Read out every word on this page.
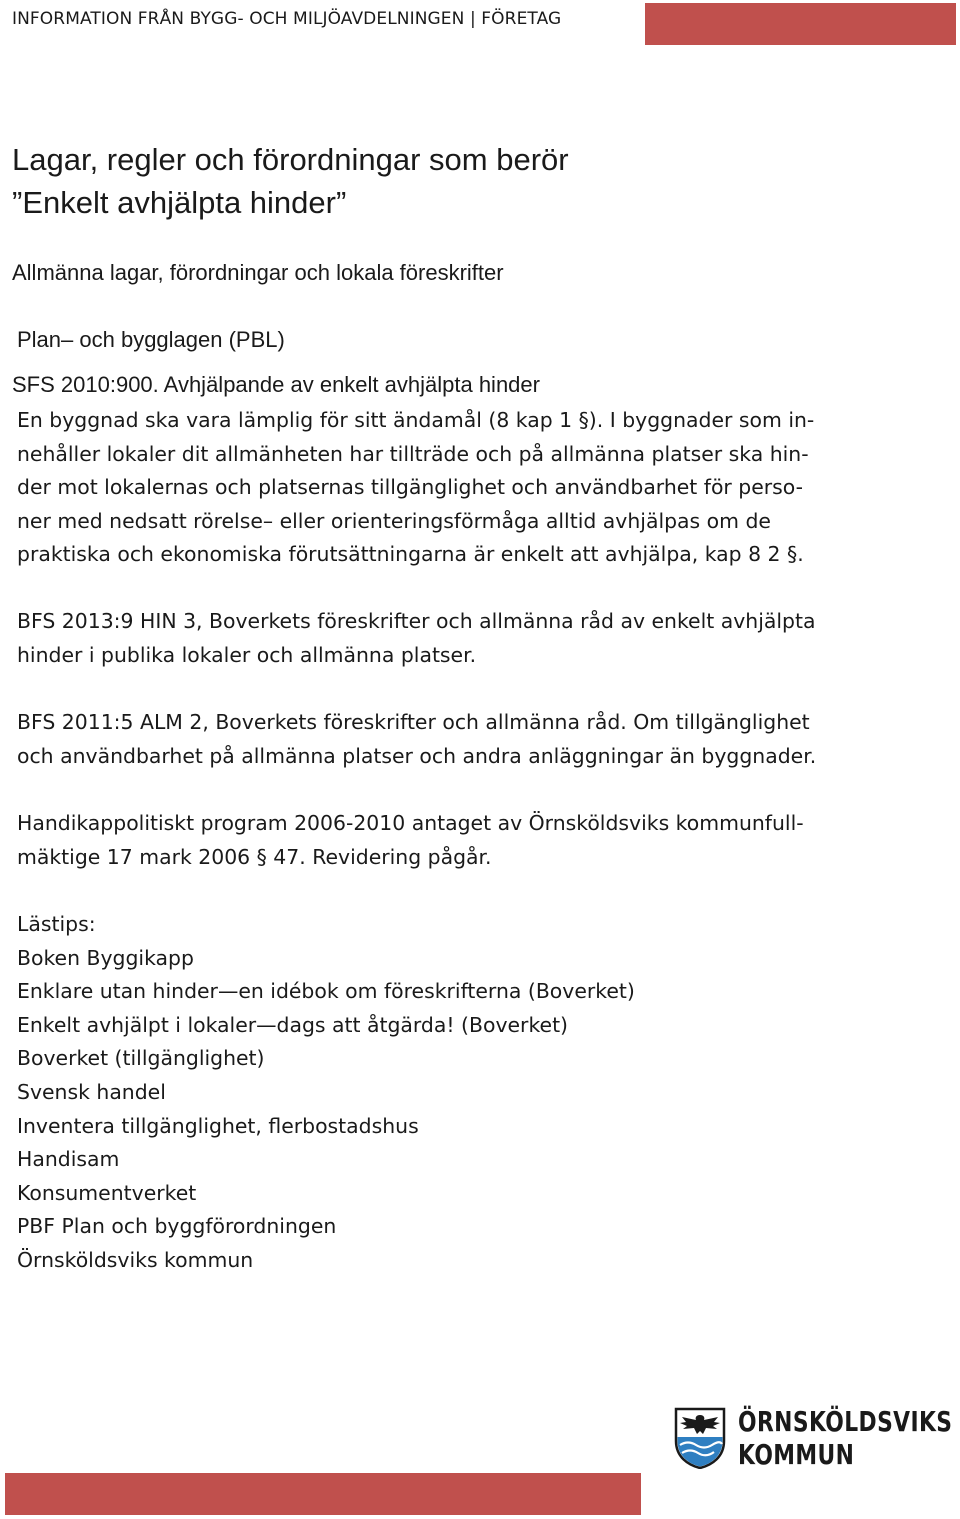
INFORMATION FRÅN BYGG- OCH MILJÖAVDELNINGEN | FÖRETAG
Lagar, regler och förordningar som berör
”Enkelt avhjälpta hinder”
Allmänna lagar, förordningar och lokala föreskrifter
Plan– och bygglagen (PBL)
SFS 2010:900. Avhjälpande av enkelt avhjälpta hinder

En byggnad ska vara lämplig för sitt ändamål (8 kap 1 §). I byggnader som in-
nehåller lokaler dit allmänheten har tillträde och på allmänna platser ska hin-
der mot lokalernas och platsernas tillgänglighet och användbarhet för perso-
ner med nedsatt rörelse– eller orienteringsförmåga alltid avhjälpas om de
praktiska och ekonomiska förutsättningarna är enkelt att avhjälpa, kap 8 2 §.

BFS 2013:9 HIN 3, Boverkets föreskrifter och allmänna råd av enkelt avhjälpta
hinder i publika lokaler och allmänna platser.

BFS 2011:5 ALM 2, Boverkets föreskrifter och allmänna råd. Om tillgänglighet
och användbarhet på allmänna platser och andra anläggningar än byggnader.

Handikappolitiskt program 2006-2010 antaget av Örnsköldsviks kommunfull-
mäktige 17 mark 2006 § 47. Revidering pågår.

Lästips:
Boken Byggikapp
Enklare utan hinder—en idébok om föreskrifterna (Boverket)
Enkelt avhjälpt i lokaler—dags att åtgärda! (Boverket)
Boverket (tillgänglighet)
Svensk handel
Inventera tillgänglighet, flerbostadshus
Handisam
Konsumentverket
PBF Plan och byggförordningen
Örnsköldsviks kommun
ÖRNSKÖLDSVIKS
KOMMUN
